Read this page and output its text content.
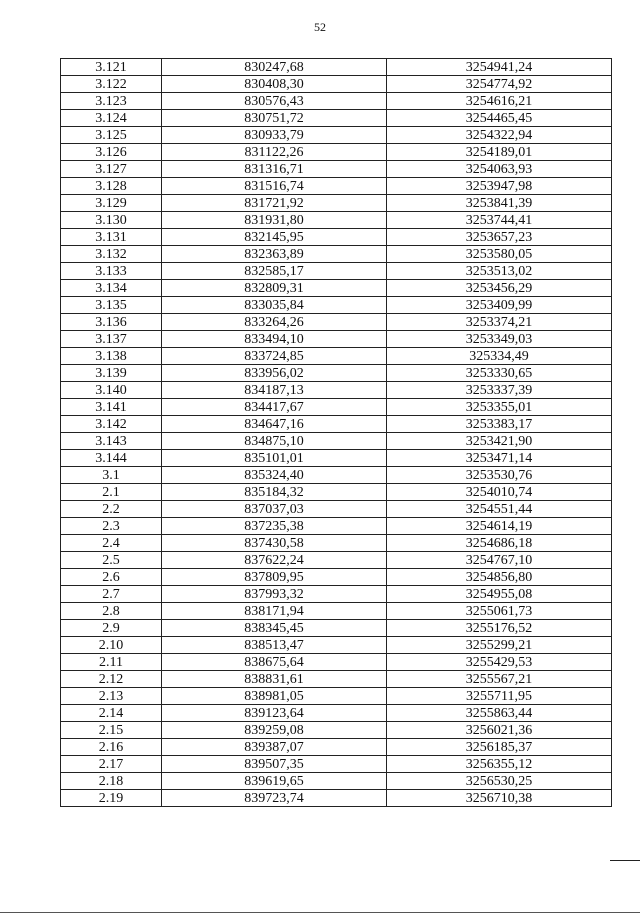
52
3.121	830247,68	3254941,24
3.122	830408,30	3254774,92
3.123	830576,43	3254616,21
3.124	830751,72	3254465,45
3.125	830933,79	3254322,94
3.126	831122,26	3254189,01
3.127	831316,71	3254063,93
3.128	831516,74	3253947,98
3.129	831721,92	3253841,39
3.130	831931,80	3253744,41
3.131	832145,95	3253657,23
3.132	832363,89	3253580,05
3.133	832585,17	3253513,02
3.134	832809,31	3253456,29
3.135	833035,84	3253409,99
3.136	833264,26	3253374,21
3.137	833494,10	3253349,03
3.138	833724,85	325334,49
3.139	833956,02	3253330,65
3.140	834187,13	3253337,39
3.141	834417,67	3253355,01
3.142	834647,16	3253383,17
3.143	834875,10	3253421,90
3.144	835101,01	3253471,14
3.1	835324,40	3253530,76
2.1	835184,32	3254010,74
2.2	837037,03	3254551,44
2.3	837235,38	3254614,19
2.4	837430,58	3254686,18
2.5	837622,24	3254767,10
2.6	837809,95	3254856,80
2.7	837993,32	3254955,08
2.8	838171,94	3255061,73
2.9	838345,45	3255176,52
2.10	838513,47	3255299,21
2.11	838675,64	3255429,53
2.12	838831,61	3255567,21
2.13	838981,05	3255711,95
2.14	839123,64	3255863,44
2.15	839259,08	3256021,36
2.16	839387,07	3256185,37
2.17	839507,35	3256355,12
2.18	839619,65	3256530,25
2.19	839723,74	3256710,38
